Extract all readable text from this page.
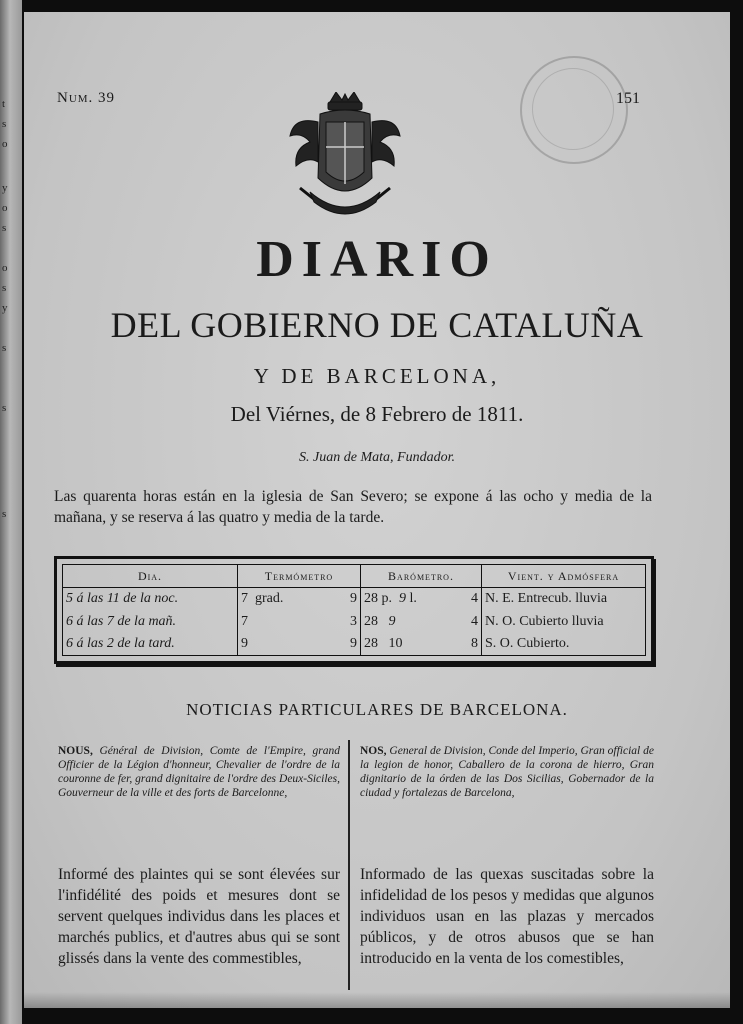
t
s
o
y
o
s
o
s
y
s
s
s
Num. 39	151
DIARIO
DEL GOBIERNO DE CATALUÑA
Y DE BARCELONA,
Del Viérnes, de 8 Febrero de 1811.
S. Juan de Mata, Fundador.
Las quarenta horas están en la iglesia de San Severo; se expone á las ocho y media de la mañana, y se reserva á las quatro y media de la tarde.
Dia.	Termómetro	Barómetro.	Vient. y Admósfera
5 á las 11 de la noc.	7 grad. 9	28 p. 9 l. 4	N. E. Entrecub. lluvia
6 á las 7 de la mañ.	7 3	28 9 4	N. O. Cubierto lluvia
6 á las 2 de la tard.	9 9	28 10 8	S. O. Cubierto.
NOTICIAS PARTICULARES DE BARCELONA.
NOUS, Général de Division, Comte de l'Empire, grand Officier de la Légion d'honneur, Chevalier de l'ordre de la couronne de fer, grand dignitaire de l'ordre des Deux-Siciles, Gouverneur de la ville et des forts de Barcelonne,
NOS, General de Division, Conde del Imperio, Gran official de la legion de honor, Caballero de la corona de hierro, Gran dignitario de la órden de las Dos Sicilias, Gobernador de la ciudad y fortalezas de Barcelona,
Informé des plaintes qui se sont élevées sur l'infidélité des poids et mesures dont se servent quelques individus dans les places et marchés publics, et d'autres abus qui se sont glissés dans la vente des commestibles,
Informado de las quexas suscitadas sobre la infidelidad de los pesos y medidas que algunos individuos usan en las plazas y mercados públicos, y de otros abusos que se han introducido en la venta de los comestibles,
